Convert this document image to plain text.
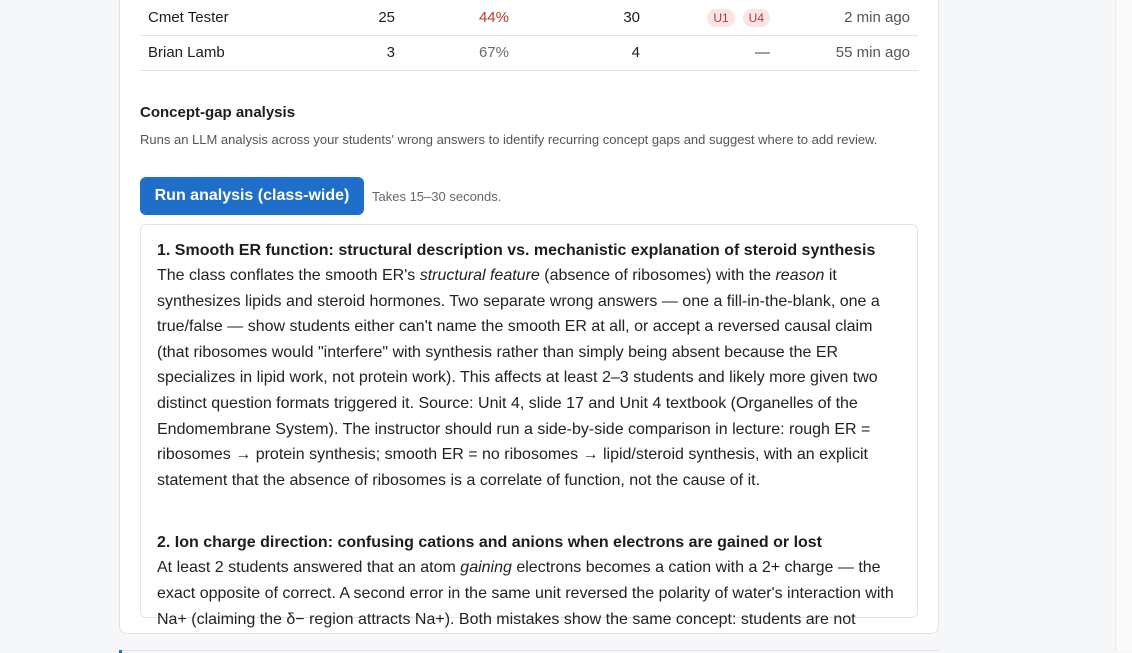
Cmet Tester	25	44%	30	U1	U4	2 min ago
Brian Lamb	3	67%	4	—	55 min ago
Concept-gap analysis

Runs an LLM analysis across your students' wrong answers to identify recurring concept gaps and suggest where to add review.

Run analysis (class-wide)	Takes 15–30 seconds.
1. Smooth ER function: structural description vs. mechanistic explanation of steroid synthesis

The class conflates the smooth ER's structural feature (absence of ribosomes) with the reason it synthesizes lipids and steroid hormones. Two separate wrong answers — one a fill-in-the-blank, one a true/false — show students either can't name the smooth ER at all, or accept a reversed causal claim (that ribosomes would "interfere" with synthesis rather than simply being absent because the ER specializes in lipid work, not protein work). This affects at least 2–3 students and likely more given two distinct question formats triggered it. Source: Unit 4, slide 17 and Unit 4 textbook (Organelles of the Endomembrane System). The instructor should run a side-by-side comparison in lecture: rough ER = ribosomes → protein synthesis; smooth ER = no ribosomes → lipid/steroid synthesis, with an explicit statement that the absence of ribosomes is a correlate of function, not the cause of it.

2. Ion charge direction: confusing cations and anions when electrons are gained or lost

At least 2 students answered that an atom gaining electrons becomes a cation with a 2+ charge — the exact opposite of correct. A second error in the same unit reversed the polarity of water's interaction with Na+ (claiming the δ− region attracts Na+). Both mistakes show the same concept: students are not
